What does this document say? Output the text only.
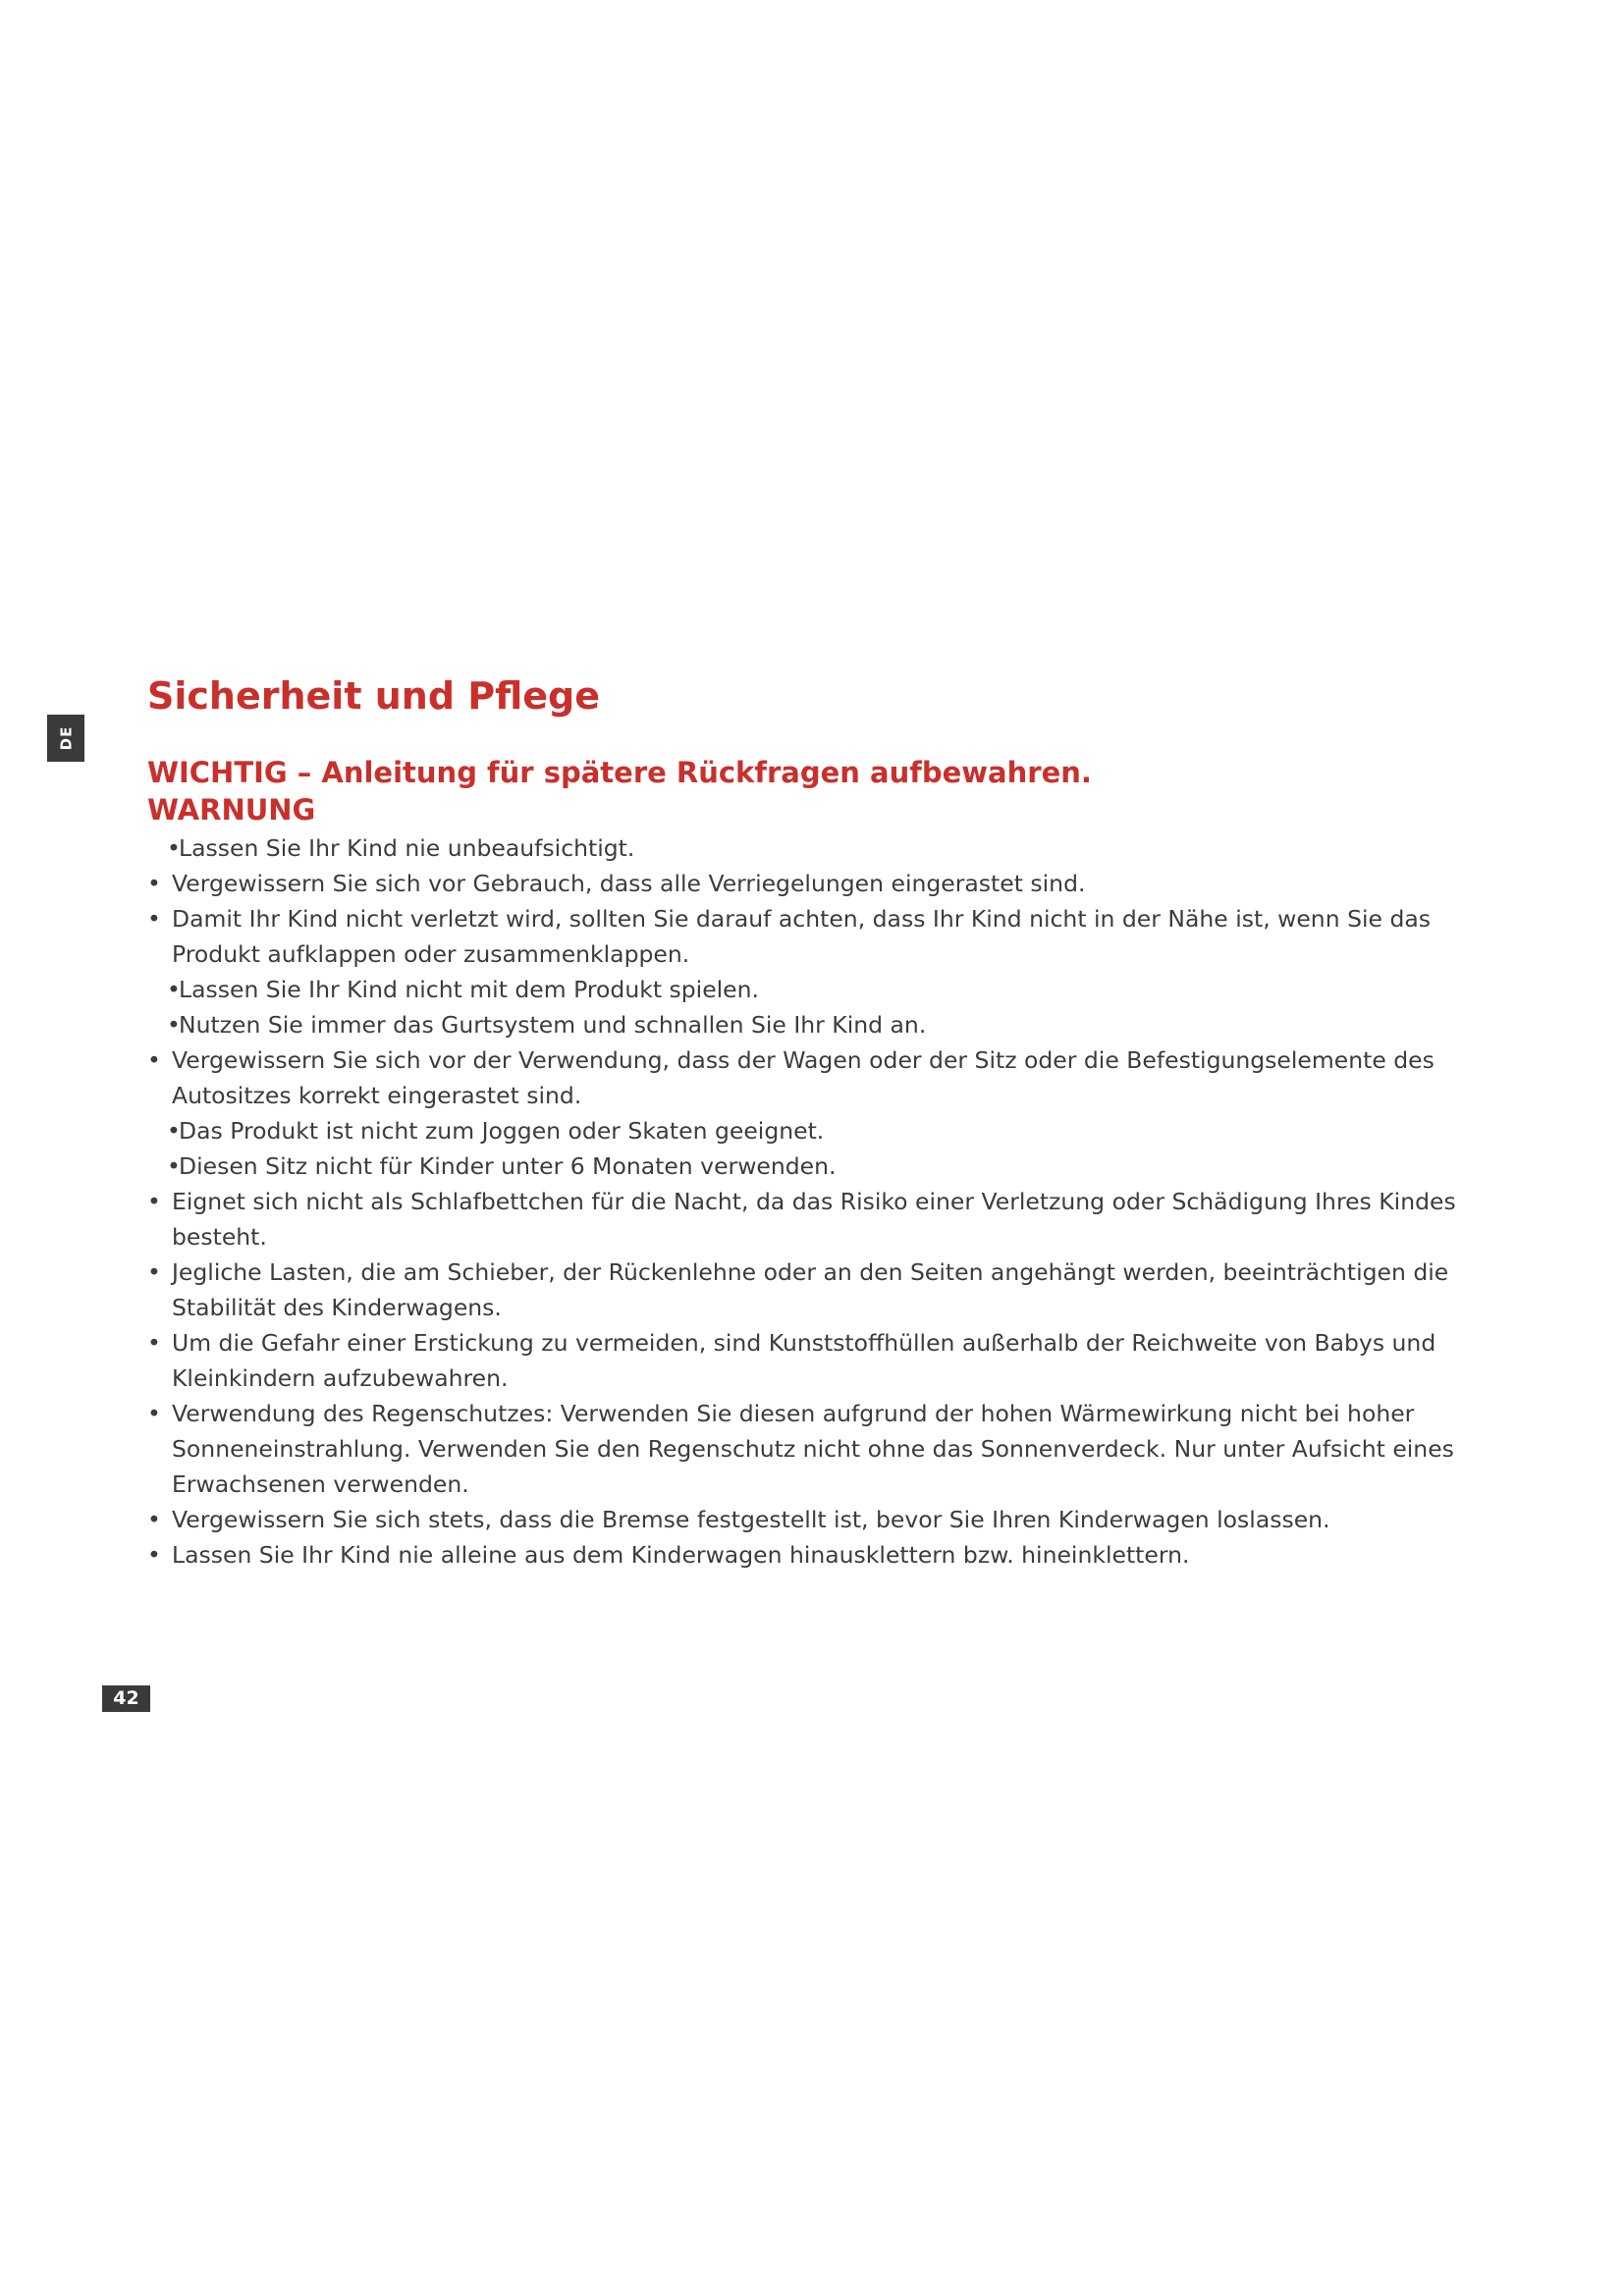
DE
Sicherheit und Pflege
WICHTIG – Anleitung für spätere Rückfragen aufbewahren.
WARNUNG
•
Lassen Sie Ihr Kind nie unbeaufsichtigt.
• Vergewissern Sie sich vor Gebrauch, dass alle Verriegelungen eingerastet sind.
• Damit Ihr Kind nicht verletzt wird, sollten Sie darauf achten, dass Ihr Kind nicht in der Nähe ist, wenn Sie das Produkt aufklappen oder zusammenklappen.
•
Lassen Sie Ihr Kind nicht mit dem Produkt spielen.
•
Nutzen Sie immer das Gurtsystem und schnallen Sie Ihr Kind an.
• Vergewissern Sie sich vor der Verwendung, dass der Wagen oder der Sitz oder die Befestigungselemente des Autositzes korrekt eingerastet sind.
•
Das Produkt ist nicht zum Joggen oder Skaten geeignet.
•
Diesen Sitz nicht für Kinder unter 6 Monaten verwenden.
• Eignet sich nicht als Schlafbettchen für die Nacht, da das Risiko einer Verletzung oder Schädigung Ihres Kindes besteht.
• Jegliche Lasten, die am Schieber, der Rückenlehne oder an den Seiten angehängt werden, beeinträchtigen die Stabilität des Kinderwagens.
• Um die Gefahr einer Erstickung zu vermeiden, sind Kunststoffhüllen außerhalb der Reichweite von Babys und Kleinkindern aufzubewahren.
• Verwendung des Regenschutzes: Verwenden Sie diesen aufgrund der hohen Wärmewirkung nicht bei hoher Sonneneinstrahlung. Verwenden Sie den Regenschutz nicht ohne das Sonnenverdeck. Nur unter Aufsicht eines Erwachsenen verwenden.
• Vergewissern Sie sich stets, dass die Bremse festgestellt ist, bevor Sie Ihren Kinderwagen loslassen.
• Lassen Sie Ihr Kind nie alleine aus dem Kinderwagen hinausklettern bzw. hineinklettern.
42
